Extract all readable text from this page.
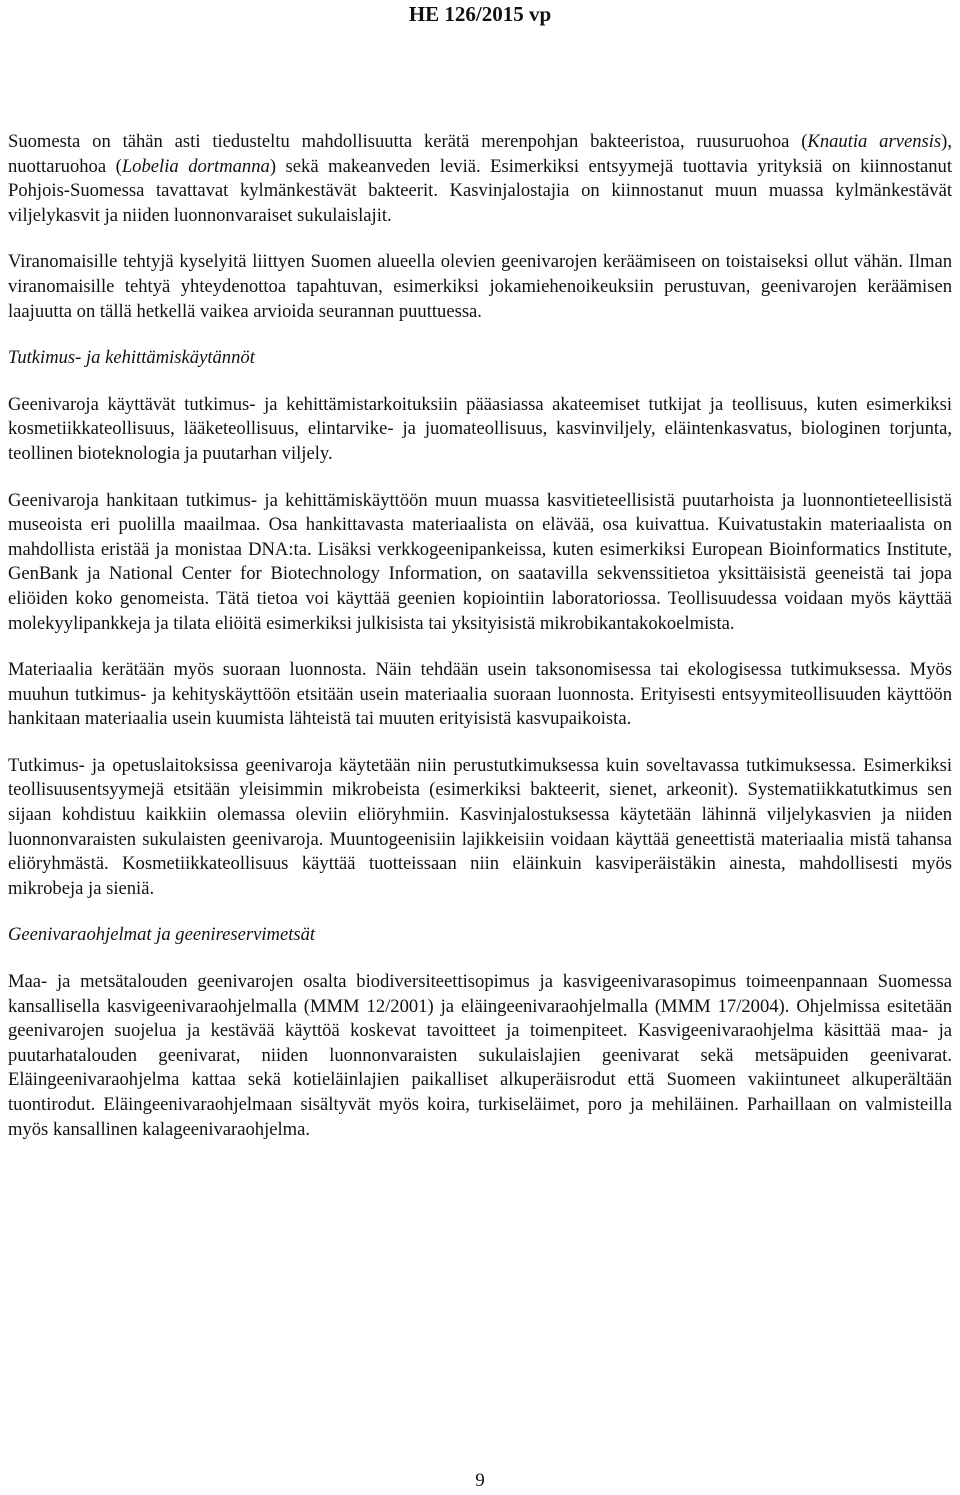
HE 126/2015 vp

Suomesta on tähän asti tiedusteltu mahdollisuutta kerätä merenpohjan bakteeristoa, ruusuruohoa (Knautia arvensis), nuottaruohoa (Lobelia dortmanna) sekä makeanveden leviä. Esimerkiksi entsyymejä tuottavia yrityksiä on kiinnostanut Pohjois-Suomessa tavattavat kylmänkestävät bakteerit. Kasvinjalostajia on kiinnostanut muun muassa kylmänkestävät viljelykasvit ja niiden luonnonvaraiset sukulaislajit.

Viranomaisille tehtyjä kyselyitä liittyen Suomen alueella olevien geenivarojen keräämiseen on toistaiseksi ollut vähän. Ilman viranomaisille tehtyä yhteydenottoa tapahtuvan, esimerkiksi jokamiehenoikeuksiin perustuvan, geenivarojen keräämisen laajuutta on tällä hetkellä vaikea arvioida seurannan puuttuessa.

Tutkimus- ja kehittämiskäytännöt

Geenivaroja käyttävät tutkimus- ja kehittämistarkoituksiin pääasiassa akateemiset tutkijat ja teollisuus, kuten esimerkiksi kosmetiikkateollisuus, lääketeollisuus, elintarvike- ja juomateollisuus, kasvinviljely, eläintenkasvatus, biologinen torjunta, teollinen bioteknologia ja puutarhan viljely.

Geenivaroja hankitaan tutkimus- ja kehittämiskäyttöön muun muassa kasvitieteellisistä puutarhoista ja luonnontieteellisistä museoista eri puolilla maailmaa. Osa hankittavasta materiaalista on elävää, osa kuivattua. Kuivatustakin materiaalista on mahdollista eristää ja monistaa DNA:ta. Lisäksi verkkogeenipankeissa, kuten esimerkiksi European Bioinformatics Institute, GenBank ja National Center for Biotechnology Information, on saatavilla sekvenssitietoa yksittäisistä geeneistä tai jopa eliöiden koko genomeista. Tätä tietoa voi käyttää geenien kopiointiin laboratoriossa. Teollisuudessa voidaan myös käyttää molekyylipankkeja ja tilata eliöitä esimerkiksi julkisista tai yksityisistä mikrobikantakokoelmista.

Materiaalia kerätään myös suoraan luonnosta. Näin tehdään usein taksonomisessa tai ekologisessa tutkimuksessa. Myös muuhun tutkimus- ja kehityskäyttöön etsitään usein materiaalia suoraan luonnosta. Erityisesti entsyymiteollisuuden käyttöön hankitaan materiaalia usein kuumista lähteistä tai muuten erityisistä kasvupaikoista.

Tutkimus- ja opetuslaitoksissa geenivaroja käytetään niin perustutkimuksessa kuin soveltavassa tutkimuksessa. Esimerkiksi teollisuusentsyymejä etsitään yleisimmin mikrobeista (esimerkiksi bakteerit, sienet, arkeonit). Systematiikkatutkimus sen sijaan kohdistuu kaikkiin olemassa oleviin eliöryhmiin. Kasvinjalostuksessa käytetään lähinnä viljelykasvien ja niiden luonnonvaraisten sukulaisten geenivaroja. Muuntogeenisiin lajikkeisiin voidaan käyttää geneettistä materiaalia mistä tahansa eliöryhmästä. Kosmetiikkateollisuus käyttää tuotteissaan niin eläinkuin kasviperäistäkin ainesta, mahdollisesti myös mikrobeja ja sieniä.

Geenivaraohjelmat ja geenireservimetsät

Maa- ja metsätalouden geenivarojen osalta biodiversiteettisopimus ja kasvigeenivarasopimus toimeenpannaan Suomessa kansallisella kasvigeenivaraohjelmalla (MMM 12/2001) ja eläingeenivaraohjelmalla (MMM 17/2004). Ohjelmissa esitetään geenivarojen suojelua ja kestävää käyttöä koskevat tavoitteet ja toimenpiteet. Kasvigeenivaraohjelma käsittää maa- ja puutarhatalouden geenivarat, niiden luonnonvaraisten sukulaislajien geenivarat sekä metsäpuiden geenivarat. Eläingeenivaraohjelma kattaa sekä kotieläinlajien paikalliset alkuperäisrodut että Suomeen vakiintuneet alkuperältään tuontirodut. Eläingeenivaraohjelmaan sisältyvät myös koira, turkiseläimet, poro ja mehiläinen. Parhaillaan on valmisteilla myös kansallinen kalageenivaraohjelma.

9
